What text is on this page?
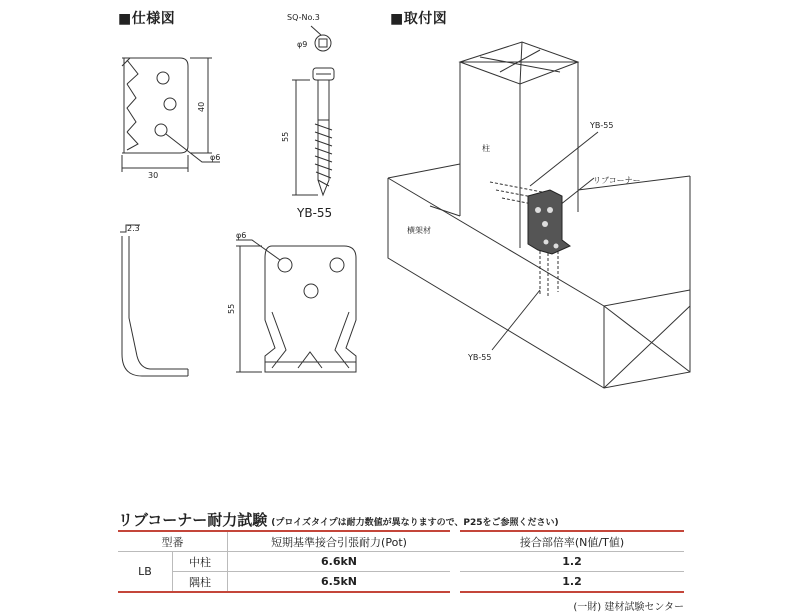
■仕様図	■取付図
SQ-No.3
φ9
55
40
30
φ6
2.3
φ6
55
YB-55
柱
リブコーナー
横架材
YB-55
YB-55
リブコーナー耐力試験 (プロイズタイプは耐力数値が異なりますので、P25をご参照ください)
型番		短期基準接合引張耐力(Pot)		接合部倍率(N値/T値)
LB	中柱	6.6kN		1.2
	隅柱	6.5kN		1.2
(一財) 建材試験センター
